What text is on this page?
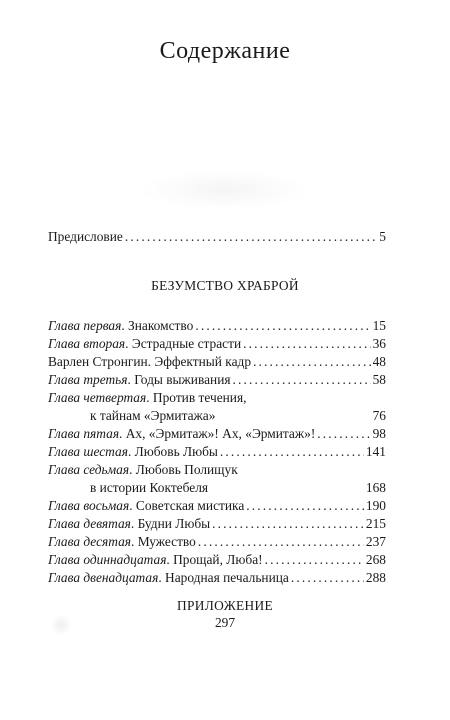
Содержание
Предисловие . . .	5
БЕЗУМСТВО ХРАБРОЙ
Глава первая. Знакомство . . .	15
Глава вторая. Эстрадные страсти . . .	36
Варлен Стронгин. Эффектный кадр . . .	48
Глава третья. Годы выживания . . .	58
Глава четвертая. Против течения,
к тайнам «Эрмитажа»	76
Глава пятая. Ах, «Эрмитаж»! Ах, «Эрмитаж»! . . .	98
Глава шестая. Любовь Любы . . .	141
Глава седьмая. Любовь Полищук
в истории Коктебеля	168
Глава восьмая. Советская мистика . . .	190
Глава девятая. Будни Любы . . .	215
Глава десятая. Мужество . . .	237
Глава одиннадцатая. Прощай, Люба! . . .	268
Глава двенадцатая. Народная печальница . . .	288
ПРИЛОЖЕНИЕ
297
